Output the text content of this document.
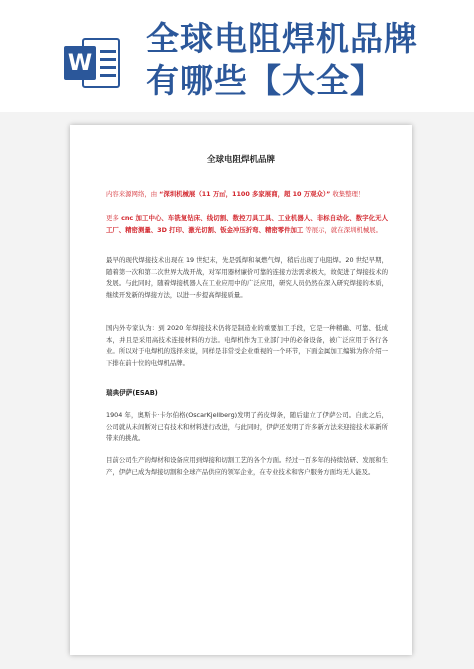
W
全球电阻焊机品牌
有哪些【大全】
全球电阻焊机品牌
内容来源网络，由 “深圳机械展（11 万㎡，1100 多家展商，超 10 万观众）” 收集整理！
更多 cnc 加工中心、车铣复钻床、线切割、数控刀具工具、工业机器人、非标自动化、数字化无人工厂、精密测量、3D 打印、激光切割、钣金冲压折弯、精密零件加工 等展示，就在深圳机械展。
最早的现代焊接技术出现在 19 世纪末，先是弧焊和氧燃气焊，稍后出现了电阻焊。20 世纪早期，随着第一次和第二次世界大战开战，对军用器材廉价可靠的连接方法需求极大，故促进了焊接技术的发展。与此同时，随着焊接机器人在工业应用中的广泛应用，研究人员仍然在深入研究焊接的本质，继续开发新的焊接方法，以进一步提高焊接质量。
国内外专家认为：到 2020 年焊接技术仍将是制造业的重要加工手段，它是一种精确、可靠、低成本，并且是采用高技术连接材料的方法。电焊机作为工业部门中的必备设备，被广泛应用于各行各业。所以对于电焊机的选择来说，同样是非常受企业重视的一个环节，下面金属加工编辑为你介绍一下排在前十位的电焊机品牌。
瑞典伊萨(ESAB)
1904 年，奥斯卡·卡尔伯格(OscarKjellberg)发明了药皮焊条，随后建立了伊萨公司。自此之后，公司就从未间断对已有技术和材料进行改进，与此同时，伊萨还发明了许多新方法来迎接技术革新所带来的挑战。
目前公司生产的焊材和设备应用到焊接和切割工艺的各个方面。经过一百多年的持续钻研、发展和生产，伊萨已成为焊接切割和全球产品供应的领军企业，在专业技术和客户服务方面均无人能及。
